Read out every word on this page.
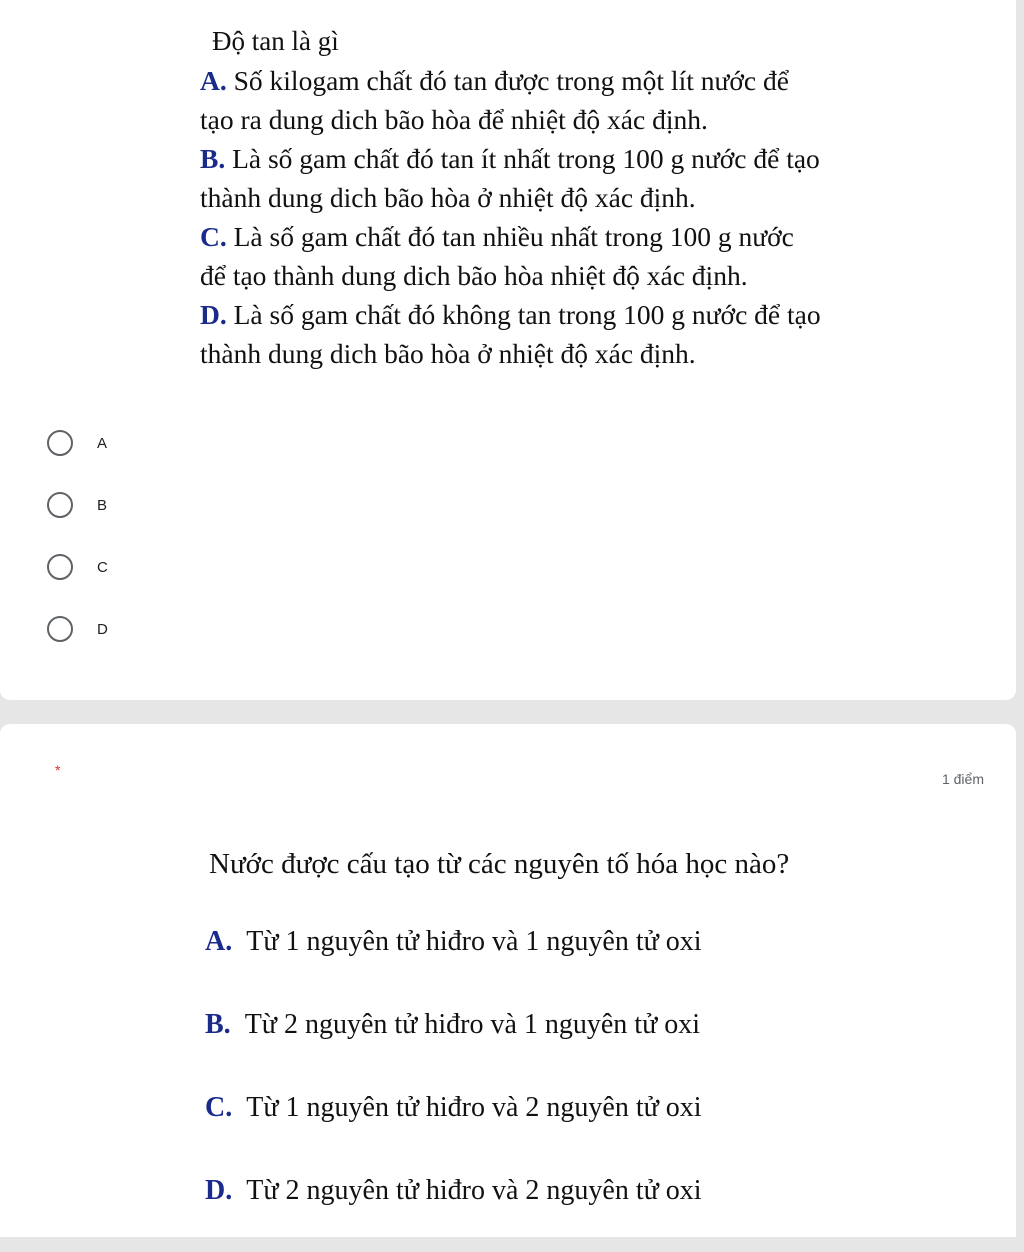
Độ tan là gì

A. Số kilogam chất đó tan được trong một lít nước để

tạo ra dung dich bão hòa để nhiệt độ xác định.

B. Là số gam chất đó tan ít nhất trong 100 g nước để tạo

thành dung dich bão hòa ở nhiệt độ xác định.

C. Là số gam chất đó tan nhiều nhất trong 100 g nước

để tạo thành dung dich bão hòa nhiệt độ xác định.

D. Là số gam chất đó không tan trong 100 g nước để tạo

thành dung dich bão hòa ở nhiệt độ xác định.

A
B
C
D
*
1 điểm

Nước được cấu tạo từ các nguyên tố hóa học nào?

A. Từ 1 nguyên tử hiđro và 1 nguyên tử oxi

B. Từ 2 nguyên tử hiđro và 1 nguyên tử oxi

C. Từ 1 nguyên tử hiđro và 2 nguyên tử oxi

D. Từ 2 nguyên tử hiđro và 2 nguyên tử oxi
